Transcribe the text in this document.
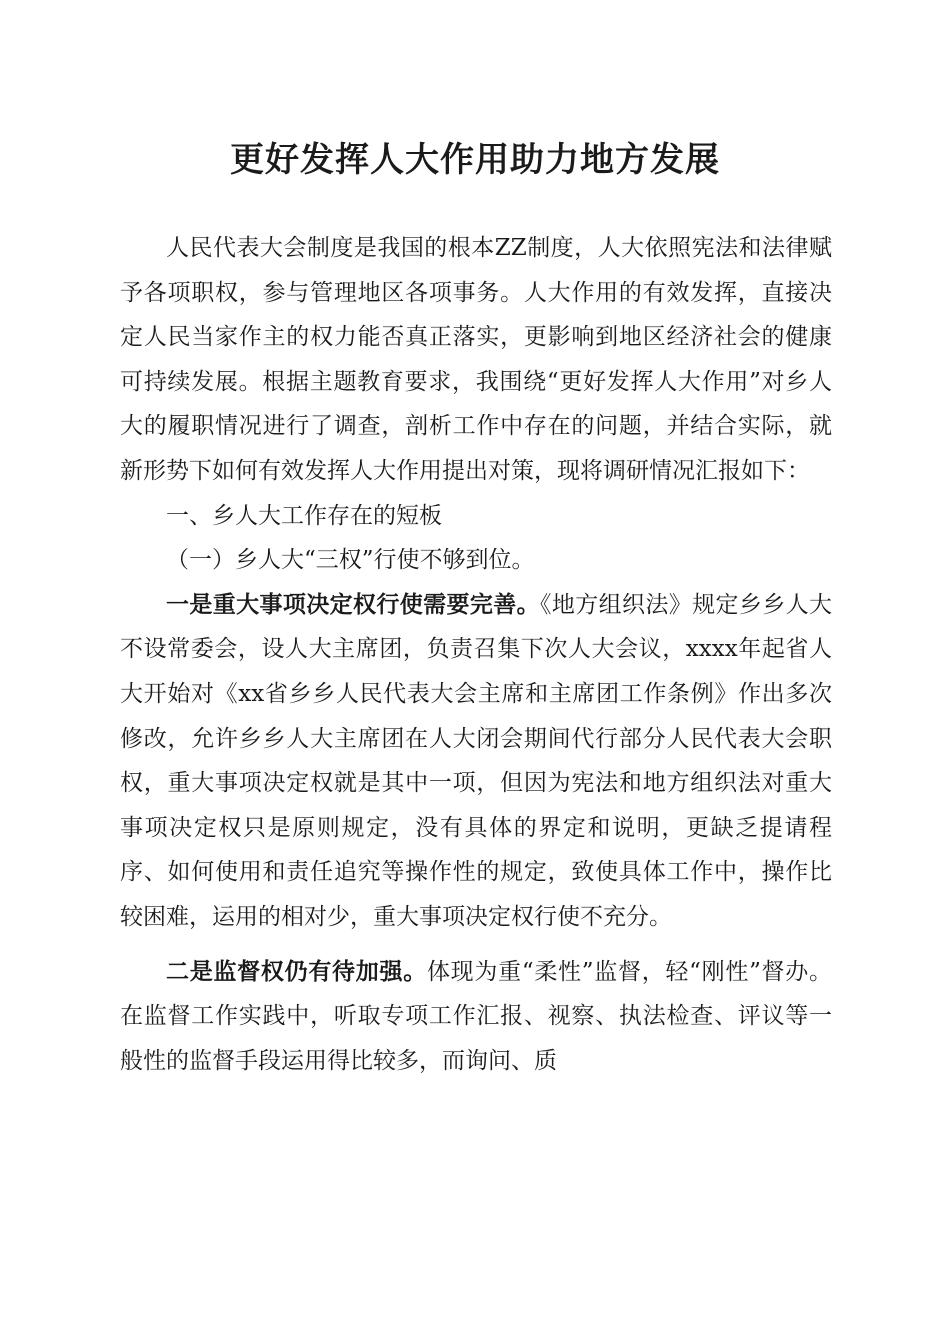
更好发挥人大作用助力地方发展

人民代表大会制度是我国的根本ZZ制度，人大依照宪法和法律赋予各项职权，参与管理地区各项事务。人大作用的有效发挥，直接决定人民当家作主的权力能否真正落实，更影响到地区经济社会的健康可持续发展。根据主题教育要求，我围绕“更好发挥人大作用”对乡人大的履职情况进行了调查，剖析工作中存在的问题，并结合实际，就新形势下如何有效发挥人大作用提出对策，现将调研情况汇报如下：

一、乡人大工作存在的短板

（一）乡人大“三权”行使不够到位。

一是重大事项决定权行使需要完善。《地方组织法》规定乡乡人大不设常委会，设人大主席团，负责召集下次人大会议，xxxx年起省人大开始对《xx省乡乡人民代表大会主席和主席团工作条例》作出多次修改，允许乡乡人大主席团在人大闭会期间代行部分人民代表大会职权，重大事项决定权就是其中一项，但因为宪法和地方组织法对重大事项决定权只是原则规定，没有具体的界定和说明，更缺乏提请程序、如何使用和责任追究等操作性的规定，致使具体工作中，操作比较困难，运用的相对少，重大事项决定权行使不充分。

二是监督权仍有待加强。体现为重“柔性”监督，轻“刚性”督办。在监督工作实践中，听取专项工作汇报、视察、执法检查、评议等一般性的监督手段运用得比较多，而询问、质
